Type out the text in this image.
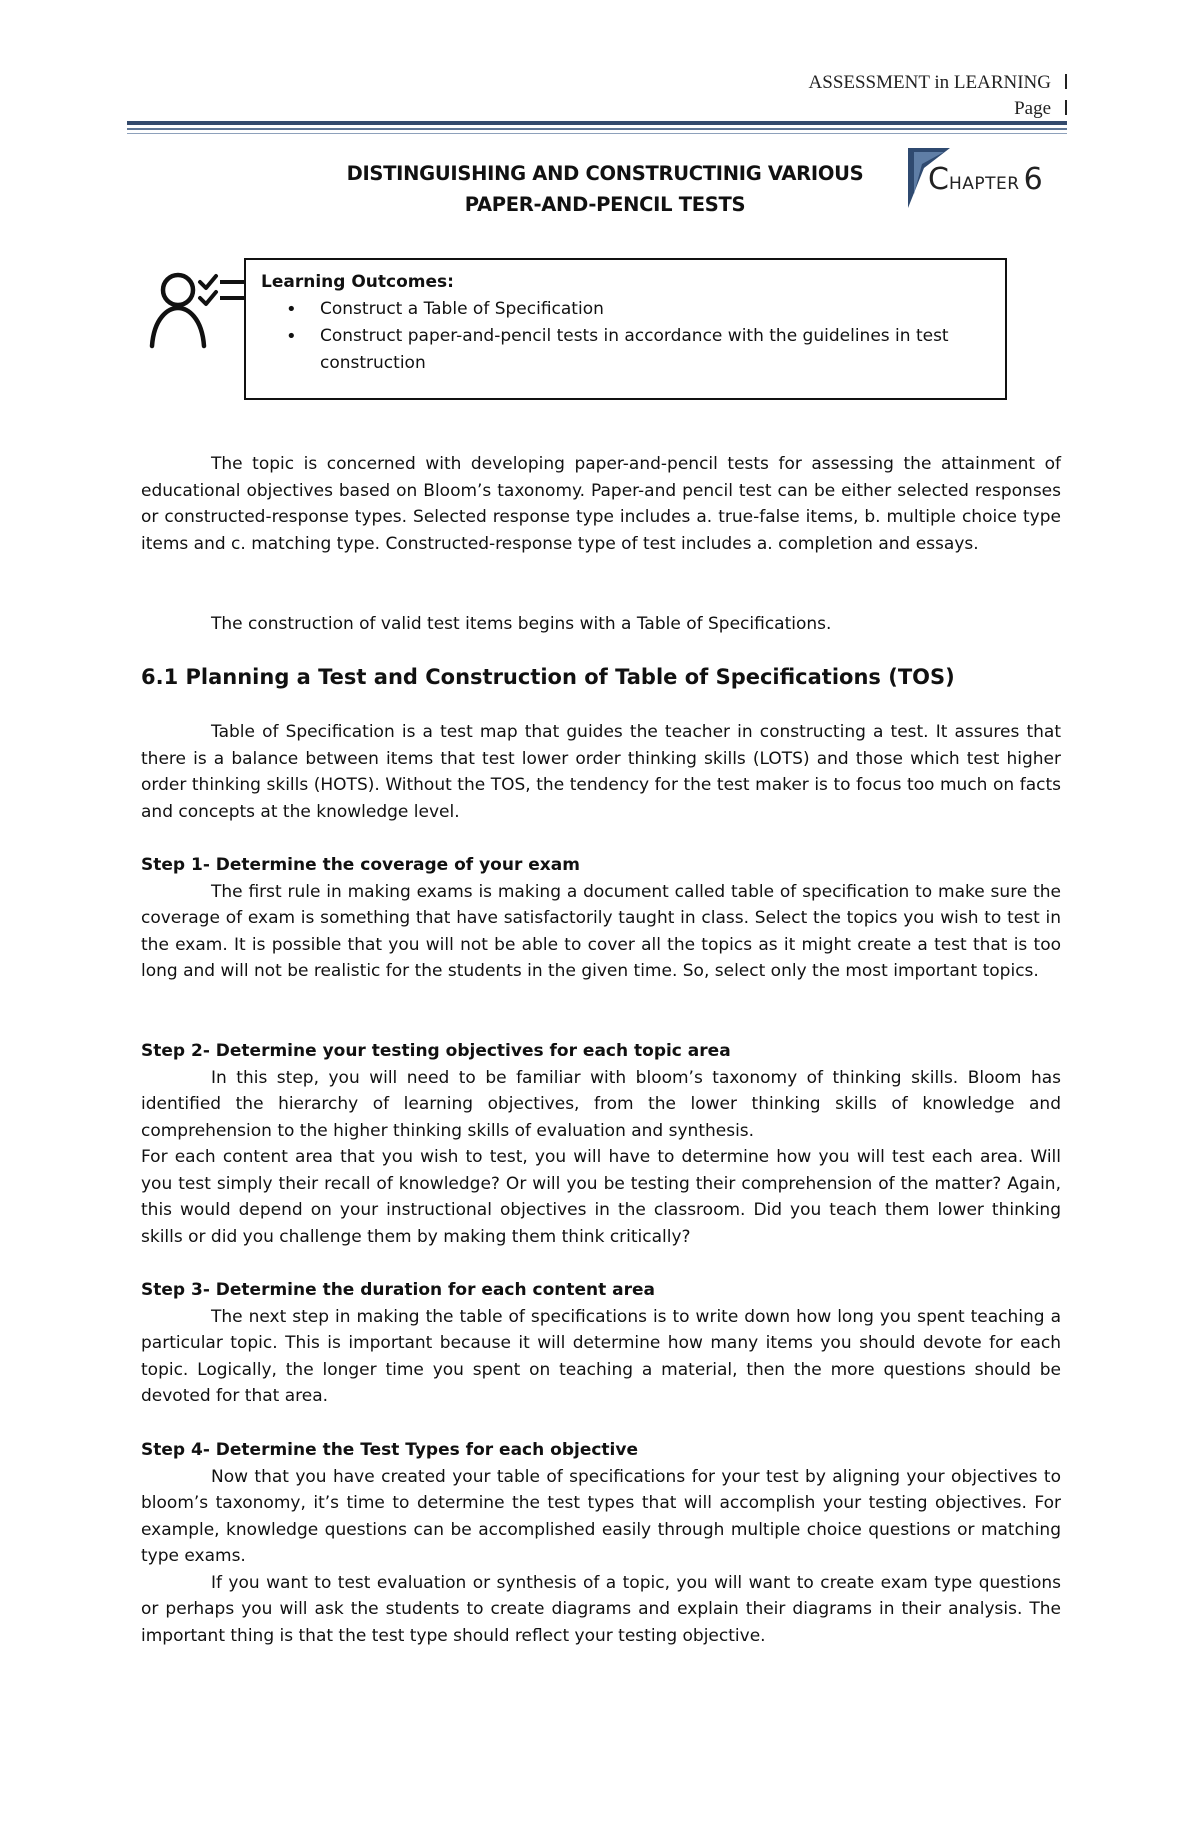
ASSESSMENT in LEARNING
Page
DISTINGUISHING AND CONSTRUCTINIG VARIOUS
PAPER-AND-PENCIL TESTS
CHAPTER 6
Learning Outcomes:
• Construct a Table of Specification
• Construct paper-and-pencil tests in accordance with the guidelines in test construction

The topic is concerned with developing paper-and-pencil tests for assessing the attainment of educational objectives based on Bloom’s taxonomy. Paper-and pencil test can be either selected responses or constructed-response types. Selected response type includes a. true-false items, b. multiple choice type items and c. matching type. Constructed-response type of test includes a. completion and essays.

The construction of valid test items begins with a Table of Specifications.

6.1 Planning a Test and Construction of Table of Specifications (TOS)

Table of Specification is a test map that guides the teacher in constructing a test. It assures that there is a balance between items that test lower order thinking skills (LOTS) and those which test higher order thinking skills (HOTS). Without the TOS, the tendency for the test maker is to focus too much on facts and concepts at the knowledge level.

Step 1- Determine the coverage of your exam

The first rule in making exams is making a document called table of specification to make sure the coverage of exam is something that have satisfactorily taught in class. Select the topics you wish to test in the exam. It is possible that you will not be able to cover all the topics as it might create a test that is too long and will not be realistic for the students in the given time. So, select only the most important topics.

Step 2- Determine your testing objectives for each topic area

In this step, you will need to be familiar with bloom’s taxonomy of thinking skills. Bloom has identified the hierarchy of learning objectives, from the lower thinking skills of knowledge and comprehension to the higher thinking skills of evaluation and synthesis.

For each content area that you wish to test, you will have to determine how you will test each area. Will you test simply their recall of knowledge? Or will you be testing their comprehension of the matter? Again, this would depend on your instructional objectives in the classroom. Did you teach them lower thinking skills or did you challenge them by making them think critically?

Step 3- Determine the duration for each content area

The next step in making the table of specifications is to write down how long you spent teaching a particular topic. This is important because it will determine how many items you should devote for each topic. Logically, the longer time you spent on teaching a material, then the more questions should be devoted for that area.

Step 4- Determine the Test Types for each objective

Now that you have created your table of specifications for your test by aligning your objectives to bloom’s taxonomy, it’s time to determine the test types that will accomplish your testing objectives. For example, knowledge questions can be accomplished easily through multiple choice questions or matching type exams.

If you want to test evaluation or synthesis of a topic, you will want to create exam type questions or perhaps you will ask the students to create diagrams and explain their diagrams in their analysis. The important thing is that the test type should reflect your testing objective.
